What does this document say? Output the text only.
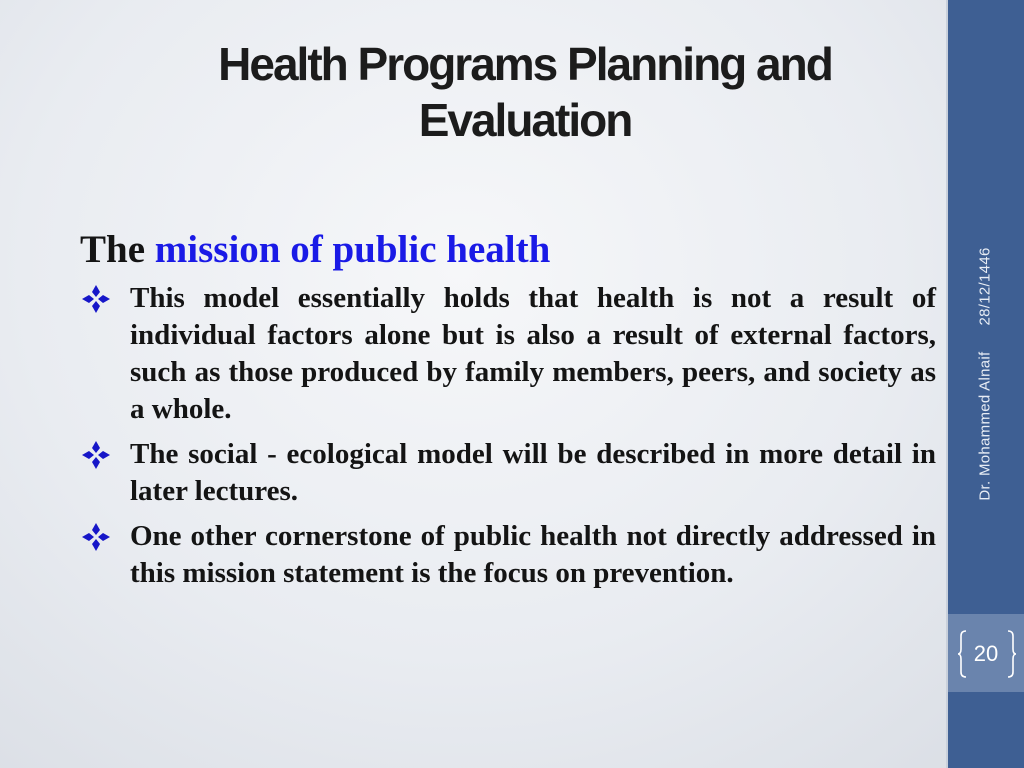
Health Programs Planning and
Evaluation
The mission of public health
This model essentially holds that health is not a result of individual factors alone but is also a result of external factors, such as those produced by family members, peers, and society as a whole.
The social - ecological model will be described in more detail in later lectures.
One other cornerstone of public health not directly addressed in this mission statement is the focus on prevention.
Dr. Mohammed Alnaif28/12/1446
20
